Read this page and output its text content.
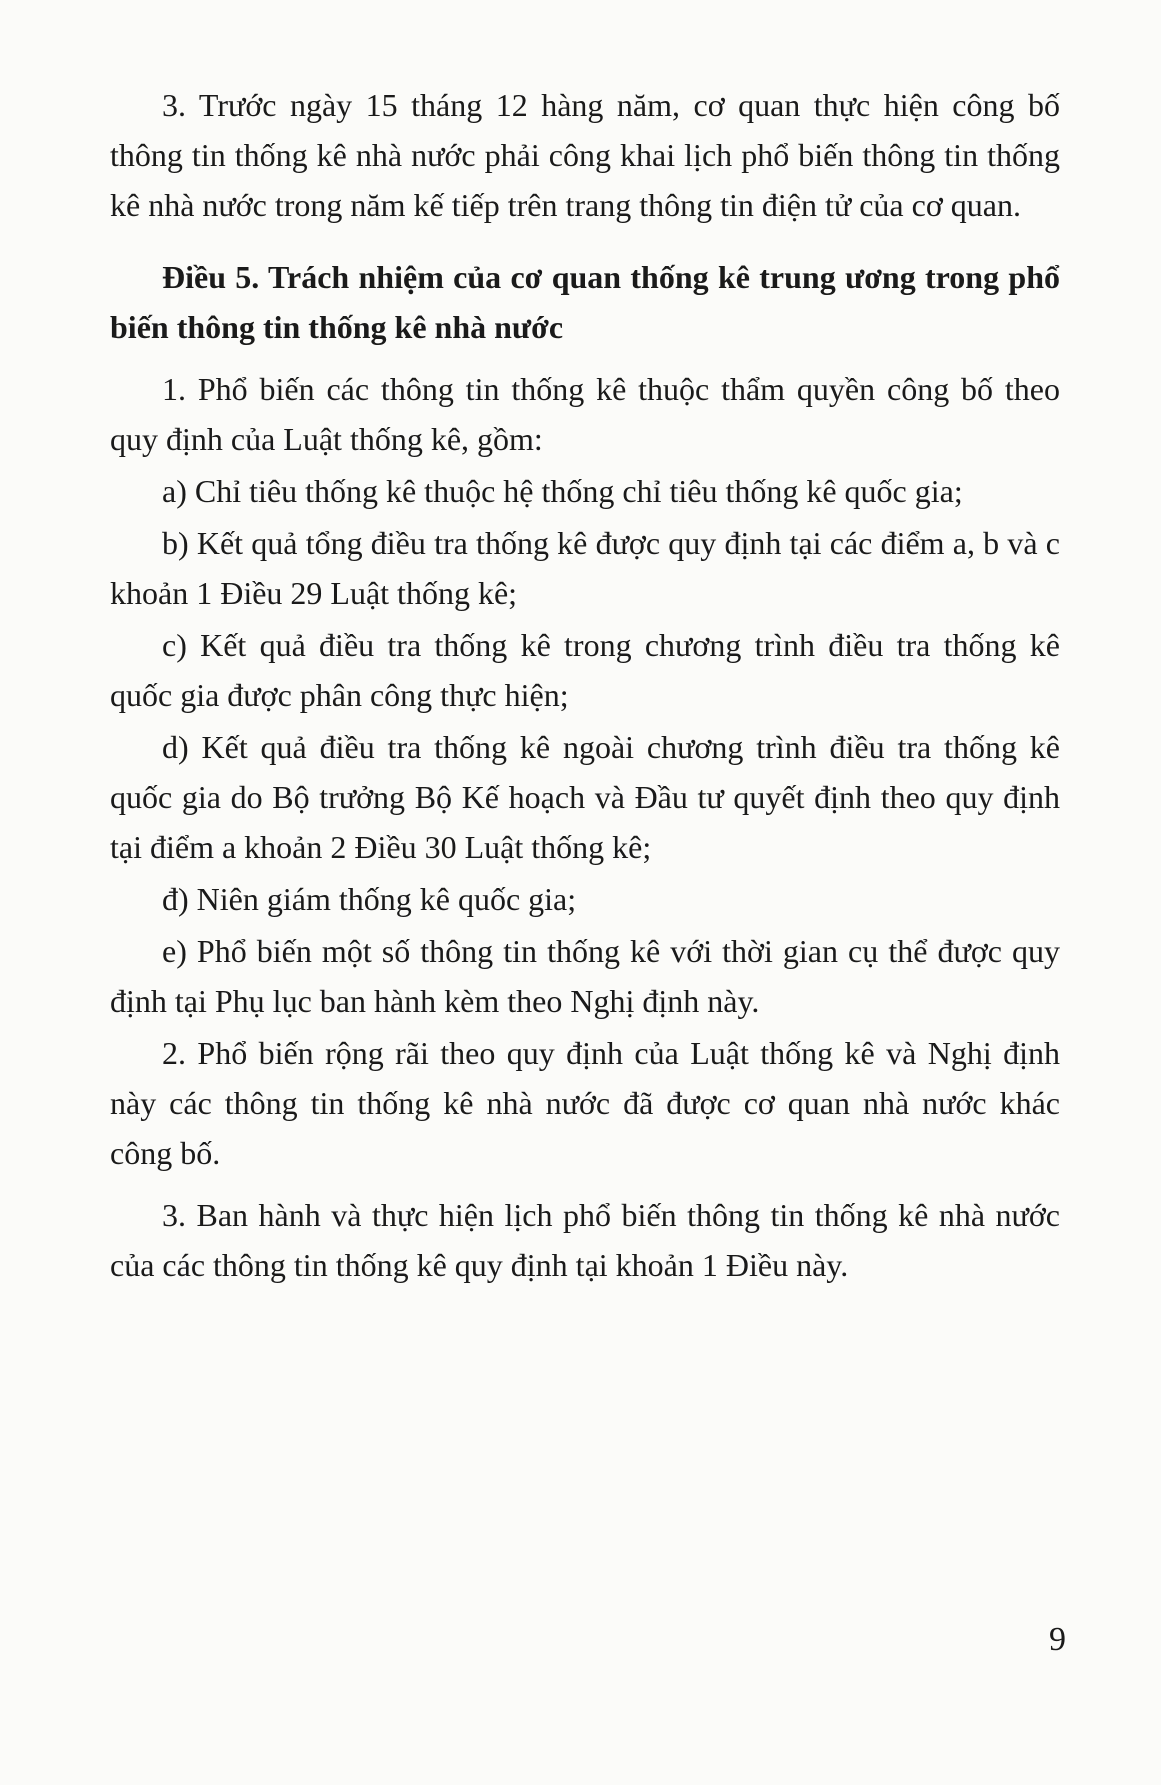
3. Trước ngày 15 tháng 12 hàng năm, cơ quan thực hiện công bố thông tin thống kê nhà nước phải công khai lịch phổ biến thông tin thống kê nhà nước trong năm kế tiếp trên trang thông tin điện tử của cơ quan.

Điều 5. Trách nhiệm của cơ quan thống kê trung ương trong phổ biến thông tin thống kê nhà nước

1. Phổ biến các thông tin thống kê thuộc thẩm quyền công bố theo quy định của Luật thống kê, gồm:

a) Chỉ tiêu thống kê thuộc hệ thống chỉ tiêu thống kê quốc gia;

b) Kết quả tổng điều tra thống kê được quy định tại các điểm a, b và c khoản 1 Điều 29 Luật thống kê;

c) Kết quả điều tra thống kê trong chương trình điều tra thống kê quốc gia được phân công thực hiện;

d) Kết quả điều tra thống kê ngoài chương trình điều tra thống kê quốc gia do Bộ trưởng Bộ Kế hoạch và Đầu tư quyết định theo quy định tại điểm a khoản 2 Điều 30 Luật thống kê;

đ) Niên giám thống kê quốc gia;

e) Phổ biến một số thông tin thống kê với thời gian cụ thể được quy định tại Phụ lục ban hành kèm theo Nghị định này.

2. Phổ biến rộng rãi theo quy định của Luật thống kê và Nghị định này các thông tin thống kê nhà nước đã được cơ quan nhà nước khác công bố.

3. Ban hành và thực hiện lịch phổ biến thông tin thống kê nhà nước của các thông tin thống kê quy định tại khoản 1 Điều này.

9
